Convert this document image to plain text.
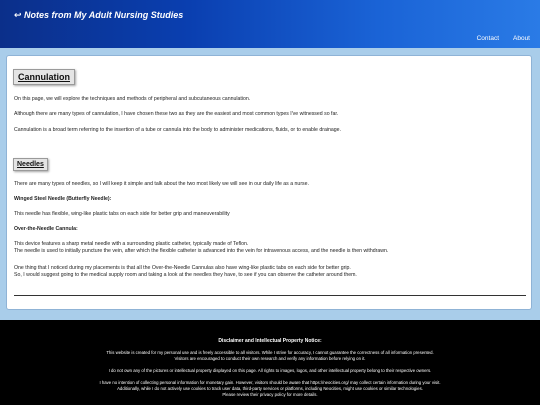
↩ Notes from My Adult Nursing Studies
Contact About
Cannulation
On this page, we will explore the techniques and methods of peripheral and subcutaneous cannulation.
Although there are many types of cannulation, I have chosen these two as they are the easiest and most common types I've witnessed so far.
Cannulation is a broad term referring to the insertion of a tube or cannula into the body to administer medications, fluids, or to enable drainage.
Needles
There are many types of needles, so I will keep it simple and talk about the two most likely we will see in our daily life as a nurse.
Winged Steel Needle (Butterfly Needle):
This needle has flexible, wing-like plastic tabs on each side for better grip and maneuverability
Over-the-Needle Cannula:
This device features a sharp metal needle with a surrounding plastic catheter, typically made of Teflon.
The needle is used to initially puncture the vein, after which the flexible catheter is advanced into the vein for intravenous access, and the needle is then withdrawn.
One thing that I noticed during my placements is that all the Over-the-Needle Cannulas also have wing-like plastic tabs on each side for better grip.
So, I would suggest going to the medical supply room and taking a look at the needles they have, to see if you can observe the catheter around them.
Disclaimer and Intellectual Property Notice:
This website is created for my personal use and is freely accessible to all visitors. While I strive for accuracy, I cannot guarantee the correctness of all information presented.
Visitors are encouraged to conduct their own research and verify any information before relying on it.
I do not own any of the pictures or intellectual property displayed on this page. All rights to images, logos, and other intellectual property belong to their respective owners.
I have no intention of collecting personal information for monetary gain. However, visitors should be aware that https://neocities.org/ may collect certain information during your visit.
Additionally, while I do not actively use cookies to track user data, third-party services or platforms, including Neocities, might use cookies or similar technologies.
Please review their privacy policy for more details.
